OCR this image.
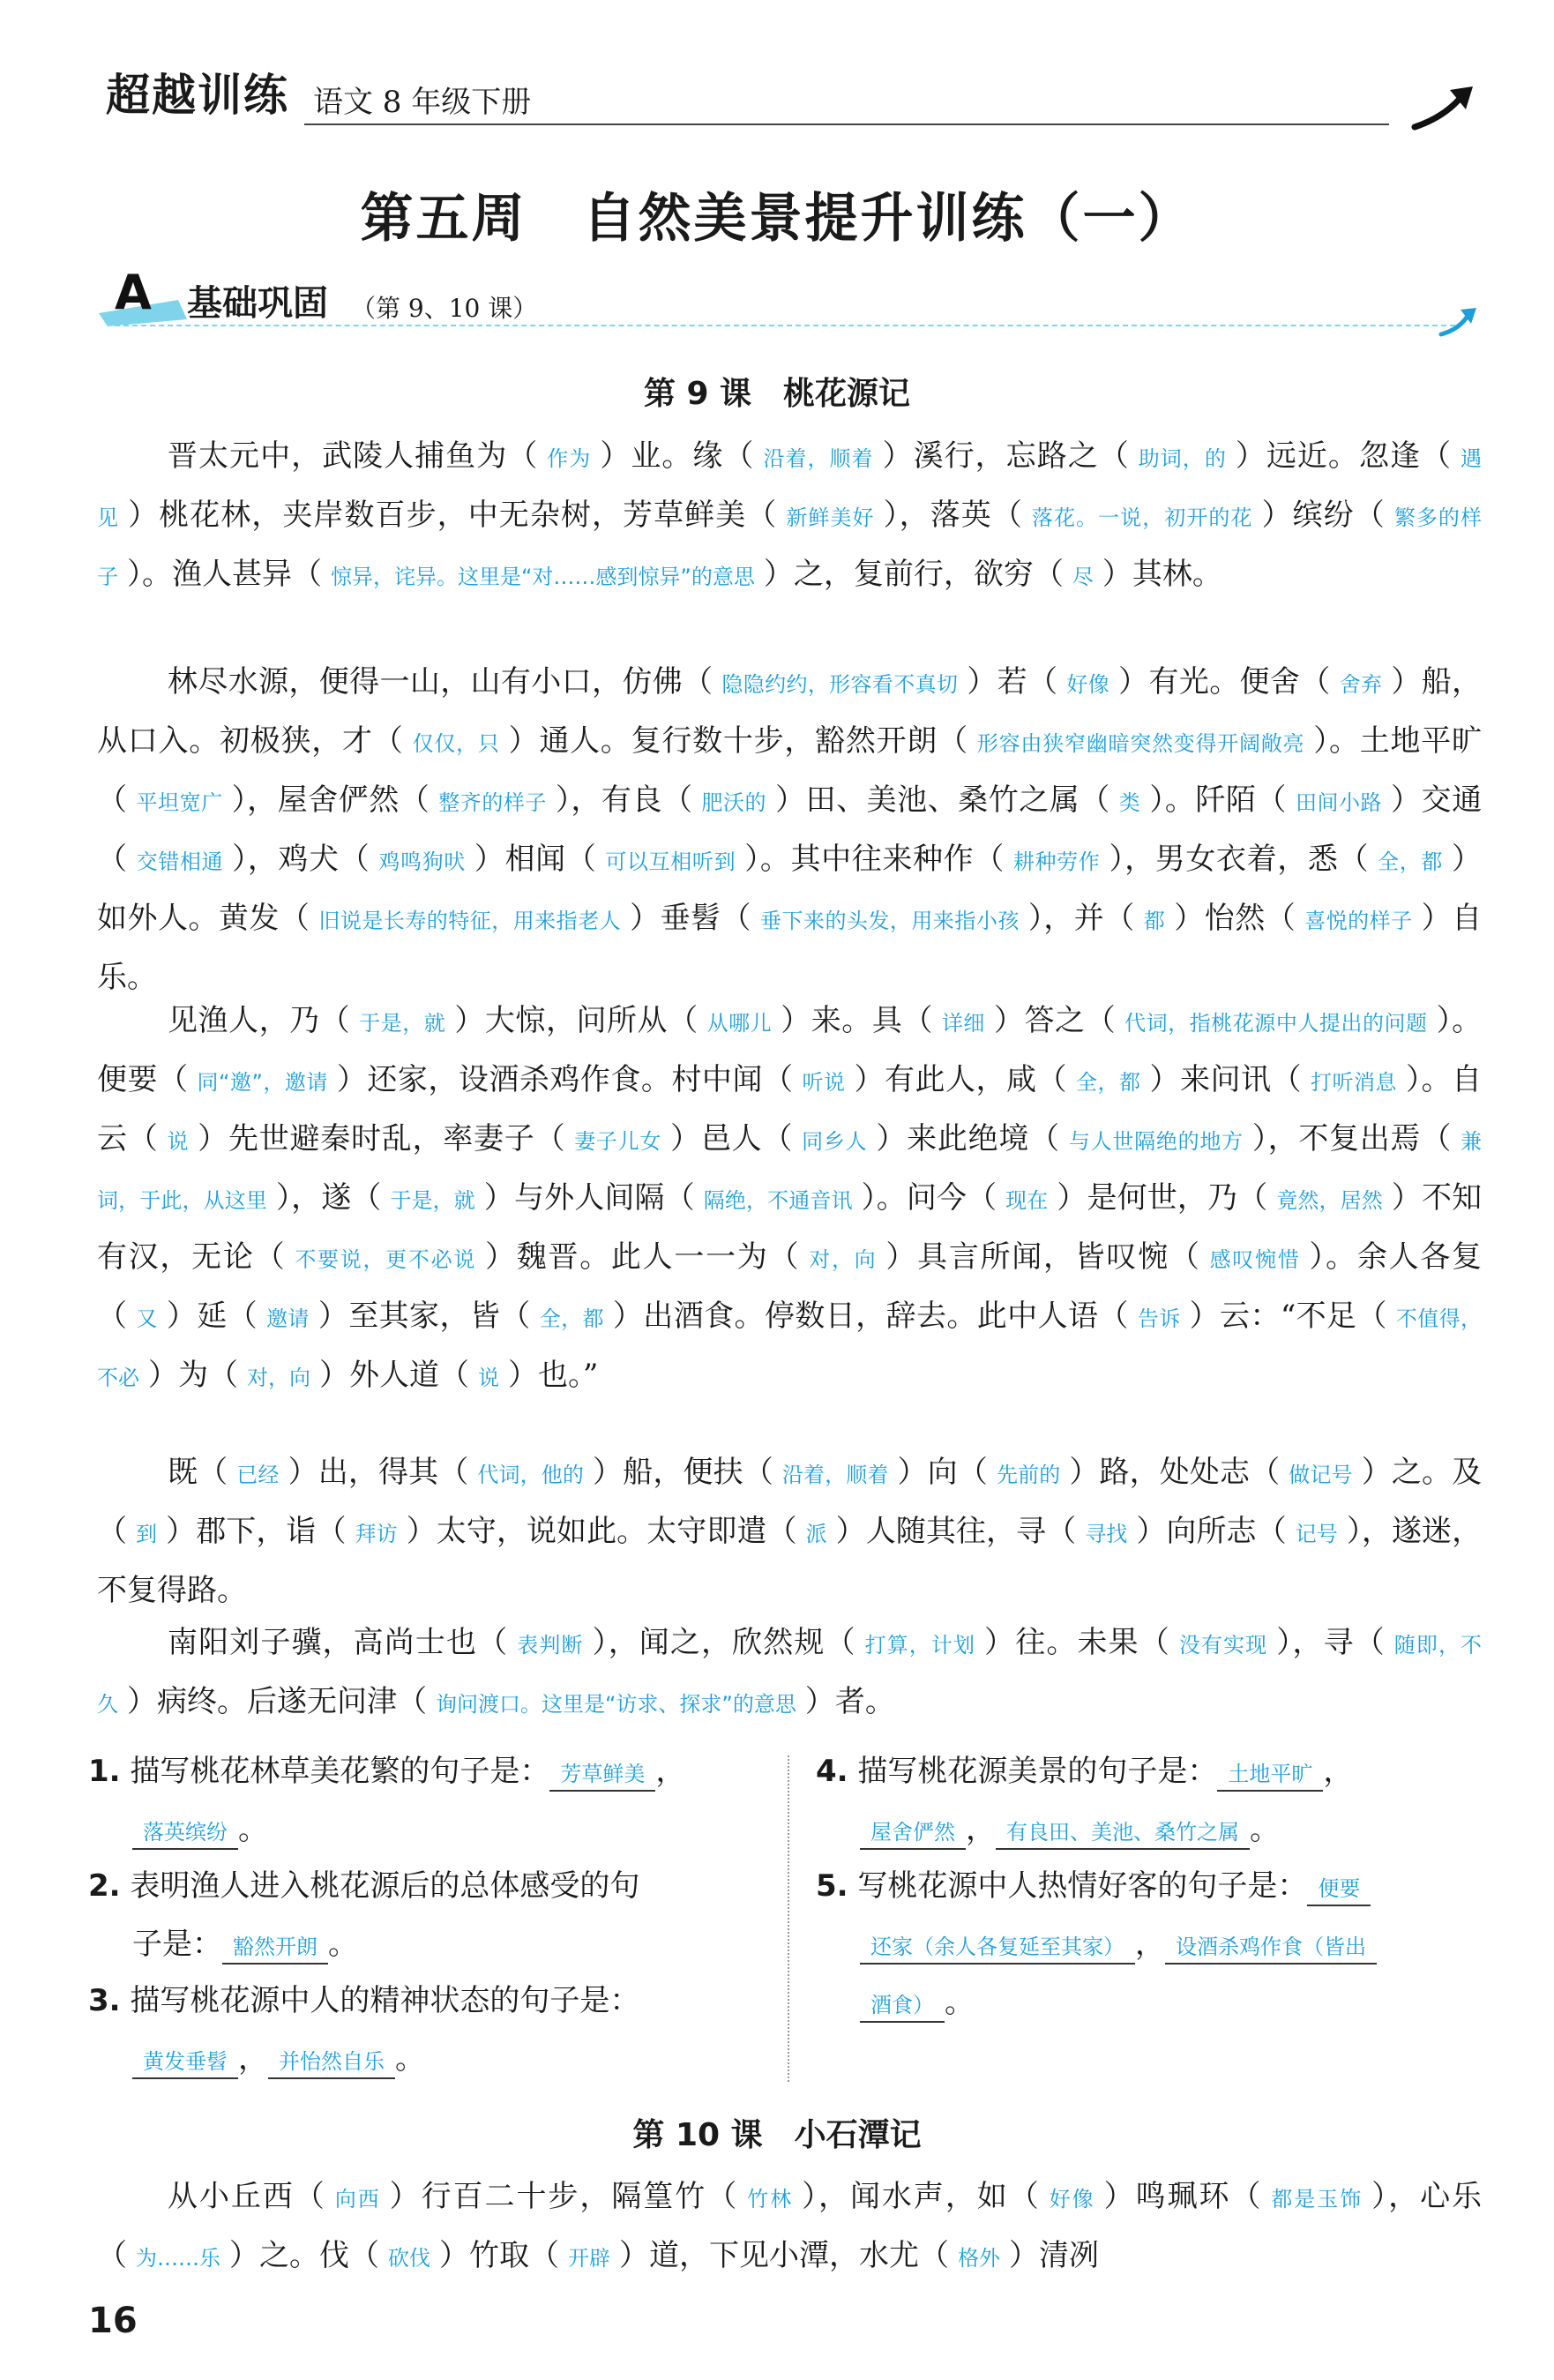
超越训练 语文 8 年级下册
第五周　自然美景提升训练（一）
A 基础巩固 （第 9、10 课）
第 9 课　桃花源记
晋太元中，武陵人捕鱼为（ 作为 ）业。缘（ 沿着，顺着 ）溪行，忘路之（ 助词，的 ）远近。忽逢（ 遇见 ）桃花林，夹岸数百步，中无杂树，芳草鲜美（ 新鲜美好 ），落英（ 落花。一说，初开的花 ）缤纷（ 繁多的样子 ）。渔人甚异（ 惊异，诧异。这里是“对……感到惊异”的意思 ）之，复前行，欲穷（ 尽 ）其林。
林尽水源，便得一山，山有小口，仿佛（ 隐隐约约，形容看不真切 ）若（ 好像 ）有光。便舍（ 舍弃 ）船，从口入。初极狭，才（ 仅仅，只 ）通人。复行数十步，豁然开朗（ 形容由狭窄幽暗突然变得开阔敞亮 ）。土地平旷（ 平坦宽广 ），屋舍俨然（ 整齐的样子 ），有良（ 肥沃的 ）田、美池、桑竹之属（ 类 ）。阡陌（ 田间小路 ）交通（ 交错相通 ），鸡犬（ 鸡鸣狗吠 ）相闻（ 可以互相听到 ）。其中往来种作（ 耕种劳作 ），男女衣着，悉（ 全，都 ）如外人。黄发（ 旧说是长寿的特征，用来指老人 ）垂髫（ 垂下来的头发，用来指小孩 ），并（ 都 ）怡然（ 喜悦的样子 ）自乐。
见渔人，乃（ 于是，就 ）大惊，问所从（ 从哪儿 ）来。具（ 详细 ）答之（ 代词，指桃花源中人提出的问题 ）。便要（ 同“邀”，邀请 ）还家，设酒杀鸡作食。村中闻（ 听说 ）有此人，咸（ 全，都 ）来问讯（ 打听消息 ）。自云（ 说 ）先世避秦时乱，率妻子（ 妻子儿女 ）邑人（ 同乡人 ）来此绝境（ 与人世隔绝的地方 ），不复出焉（ 兼词，于此，从这里 ），遂（ 于是，就 ）与外人间隔（ 隔绝，不通音讯 ）。问今（ 现在 ）是何世，乃（ 竟然，居然 ）不知有汉，无论（ 不要说，更不必说 ）魏晋。此人一一为（ 对，向 ）具言所闻，皆叹惋（ 感叹惋惜 ）。余人各复（ 又 ）延（ 邀请 ）至其家，皆（ 全，都 ）出酒食。停数日，辞去。此中人语（ 告诉 ）云：“不足（ 不值得，不必 ）为（ 对，向 ）外人道（ 说 ）也。”
既（ 已经 ）出，得其（ 代词，他的 ）船，便扶（ 沿着，顺着 ）向（ 先前的 ）路，处处志（ 做记号 ）之。及（ 到 ）郡下，诣（ 拜访 ）太守，说如此。太守即遣（ 派 ）人随其往，寻（ 寻找 ）向所志（ 记号 ），遂迷，不复得路。
南阳刘子骥，高尚士也（ 表判断 ），闻之，欣然规（ 打算，计划 ）往。未果（ 没有实现 ），寻（ 随即，不久 ）病终。后遂无问津（ 询问渡口。这里是“访求、探求”的意思 ）者。
1. 描写桃花林草美花繁的句子是： 芳草鲜美 ，
落英缤纷 。
2. 表明渔人进入桃花源后的总体感受的句
子是： 豁然开朗 。
3. 描写桃花源中人的精神状态的句子是：
黄发垂髫 ， 并怡然自乐 。
4. 描写桃花源美景的句子是： 土地平旷 ，
屋舍俨然 ， 有良田、美池、桑竹之属 。
5. 写桃花源中人热情好客的句子是： 便要
还家（余人各复延至其家） ， 设酒杀鸡作食（皆出
酒食） 。
第 10 课　小石潭记
从小丘西（ 向西 ）行百二十步，隔篁竹（ 竹林 ），闻水声，如（ 好像 ）鸣珮环（ 都是玉饰 ），心乐（ 为……乐 ）之。伐（ 砍伐 ）竹取（ 开辟 ）道，下见小潭，水尤（ 格外 ）清冽
16
